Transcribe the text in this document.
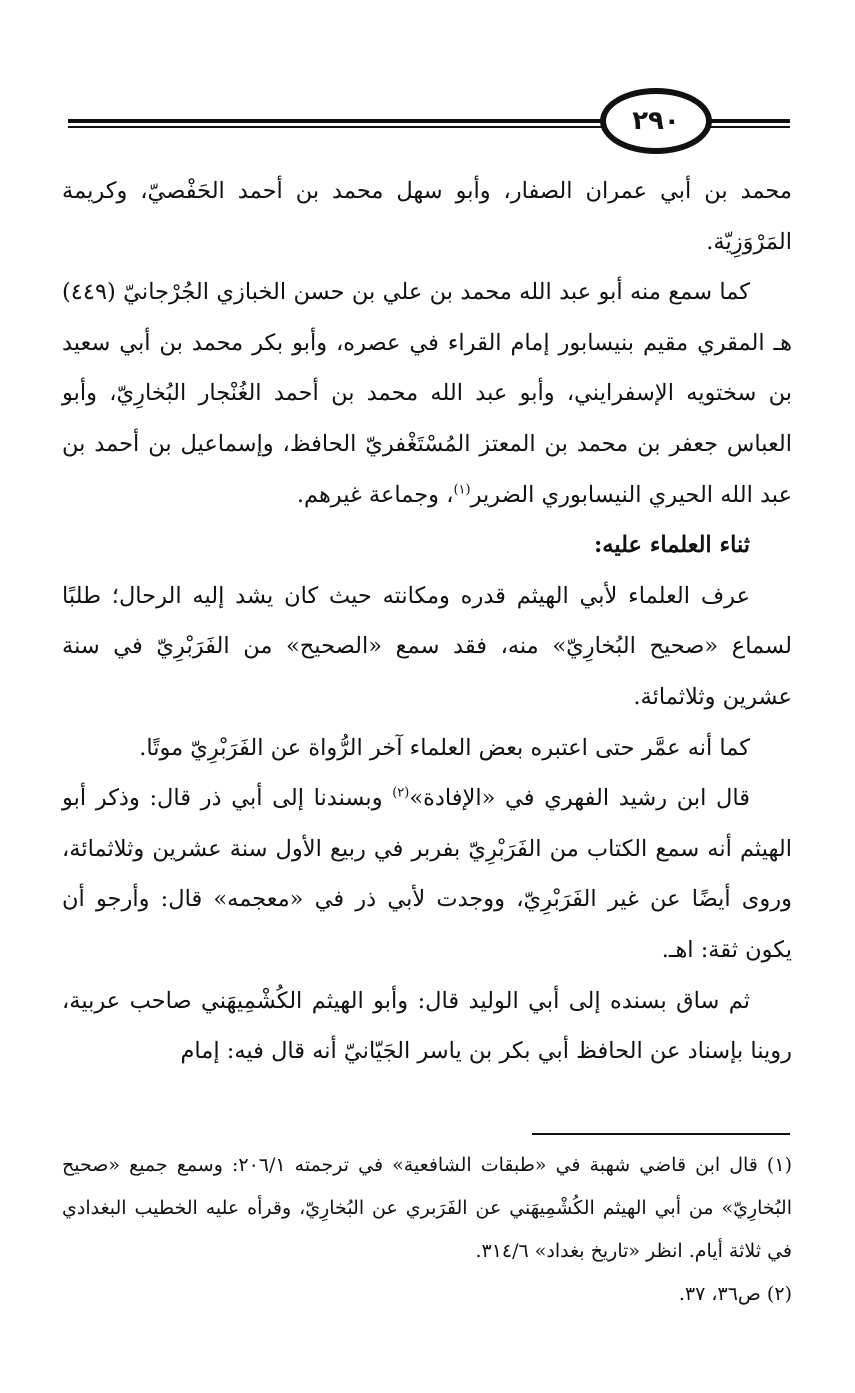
٢٩٠

محمد بن أبي عمران الصفار، وأبو سهل محمد بن أحمد الحَفْصيّ، وكريمة المَرْوَزِيّة.

كما سمع منه أبو عبد الله محمد بن علي بن حسن الخبازي الجُرْجانيّ (٤٤٩) هـ المقري مقيم بنيسابور إمام القراء في عصره، وأبو بكر محمد بن أبي سعيد بن سختويه الإسفرايني، وأبو عبد الله محمد بن أحمد الغُنْجار البُخارِيّ، وأبو العباس جعفر بن محمد بن المعتز المُسْتَغْفريّ الحافظ، وإسماعيل بن أحمد بن عبد الله الحيري النيسابوري الضرير$^{(١)}$، وجماعة غيرهم.

ثناء العلماء عليه:

عرف العلماء لأبي الهيثم قدره ومكانته حيث كان يشد إليه الرحال؛ طلبًا لسماع «صحيح البُخارِيّ» منه، فقد سمع «الصحيح» من الفَرَبْرِيّ في سنة عشرين وثلاثمائة.

كما أنه عمَّر حتى اعتبره بعض العلماء آخر الرُّواة عن الفَرَبْرِيّ موتًا.

قال ابن رشيد الفهري في «الإفادة»$^{(٢)}$ وبسندنا إلى أبي ذر قال: وذكر أبو الهيثم أنه سمع الكتاب من الفَرَبْرِيّ بفربر في ربيع الأول سنة عشرين وثلاثمائة، وروى أيضًا عن غير الفَرَبْرِيّ، ووجدت لأبي ذر في «معجمه» قال: وأرجو أن يكون ثقة: اهـ.

ثم ساق بسنده إلى أبي الوليد قال: وأبو الهيثم الكُشْمِيهَني صاحب عربية، روينا بإسناد عن الحافظ أبي بكر بن ياسر الجَيّانيّ أنه قال فيه: إمام

(١) قال ابن قاضي شهبة في «طبقات الشافعية» في ترجمته ٢٠٦/١: وسمع جميع «صحيح البُخارِيّ» من أبي الهيثم الكُشْمِيهَني عن الفَرَبري عن البُخارِيّ، وقرأه عليه الخطيب البغدادي في ثلاثة أيام. انظر «تاريخ بغداد» ٣١٤/٦.

(٢) ص٣٦، ٣٧.
